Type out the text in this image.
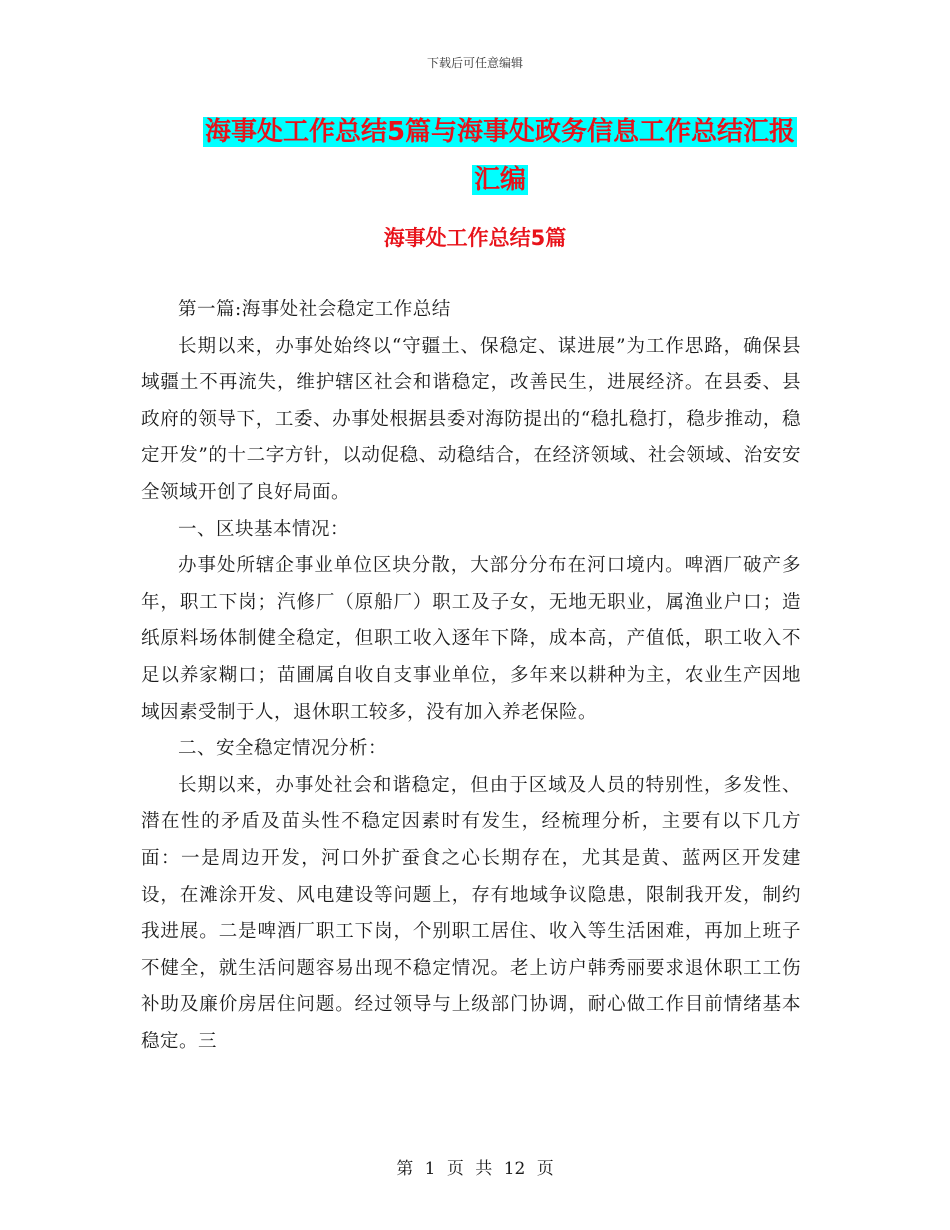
下载后可任意编辑
海事处工作总结5篇与海事处政务信息工作总结汇报
汇编
海事处工作总结5篇

第一篇:海事处社会稳定工作总结

长期以来，办事处始终以“守疆土、保稳定、谋进展”为工作思路，确保县域疆土不再流失，维护辖区社会和谐稳定，改善民生，进展经济。在县委、县政府的领导下，工委、办事处根据县委对海防提出的“稳扎稳打，稳步推动，稳定开发”的十二字方针，以动促稳、动稳结合，在经济领域、社会领域、治安安全领域开创了良好局面。

一、区块基本情况：

办事处所辖企事业单位区块分散，大部分分布在河口境内。啤酒厂破产多年，职工下岗；汽修厂（原船厂）职工及子女，无地无职业，属渔业户口；造纸原料场体制健全稳定，但职工收入逐年下降，成本高，产值低，职工收入不足以养家糊口；苗圃属自收自支事业单位，多年来以耕种为主，农业生产因地域因素受制于人，退休职工较多，没有加入养老保险。

二、安全稳定情况分析：

长期以来，办事处社会和谐稳定，但由于区域及人员的特别性，多发性、潜在性的矛盾及苗头性不稳定因素时有发生，经梳理分析，主要有以下几方面：一是周边开发，河口外扩蚕食之心长期存在，尤其是黄、蓝两区开发建设，在滩涂开发、风电建设等问题上，存有地域争议隐患，限制我开发，制约我进展。二是啤酒厂职工下岗，个别职工居住、收入等生活困难，再加上班子不健全，就生活问题容易出现不稳定情况。老上访户韩秀丽要求退休职工工伤补助及廉价房居住问题。经过领导与上级部门协调，耐心做工作目前情绪基本稳定。三

第 1 页 共 12 页
